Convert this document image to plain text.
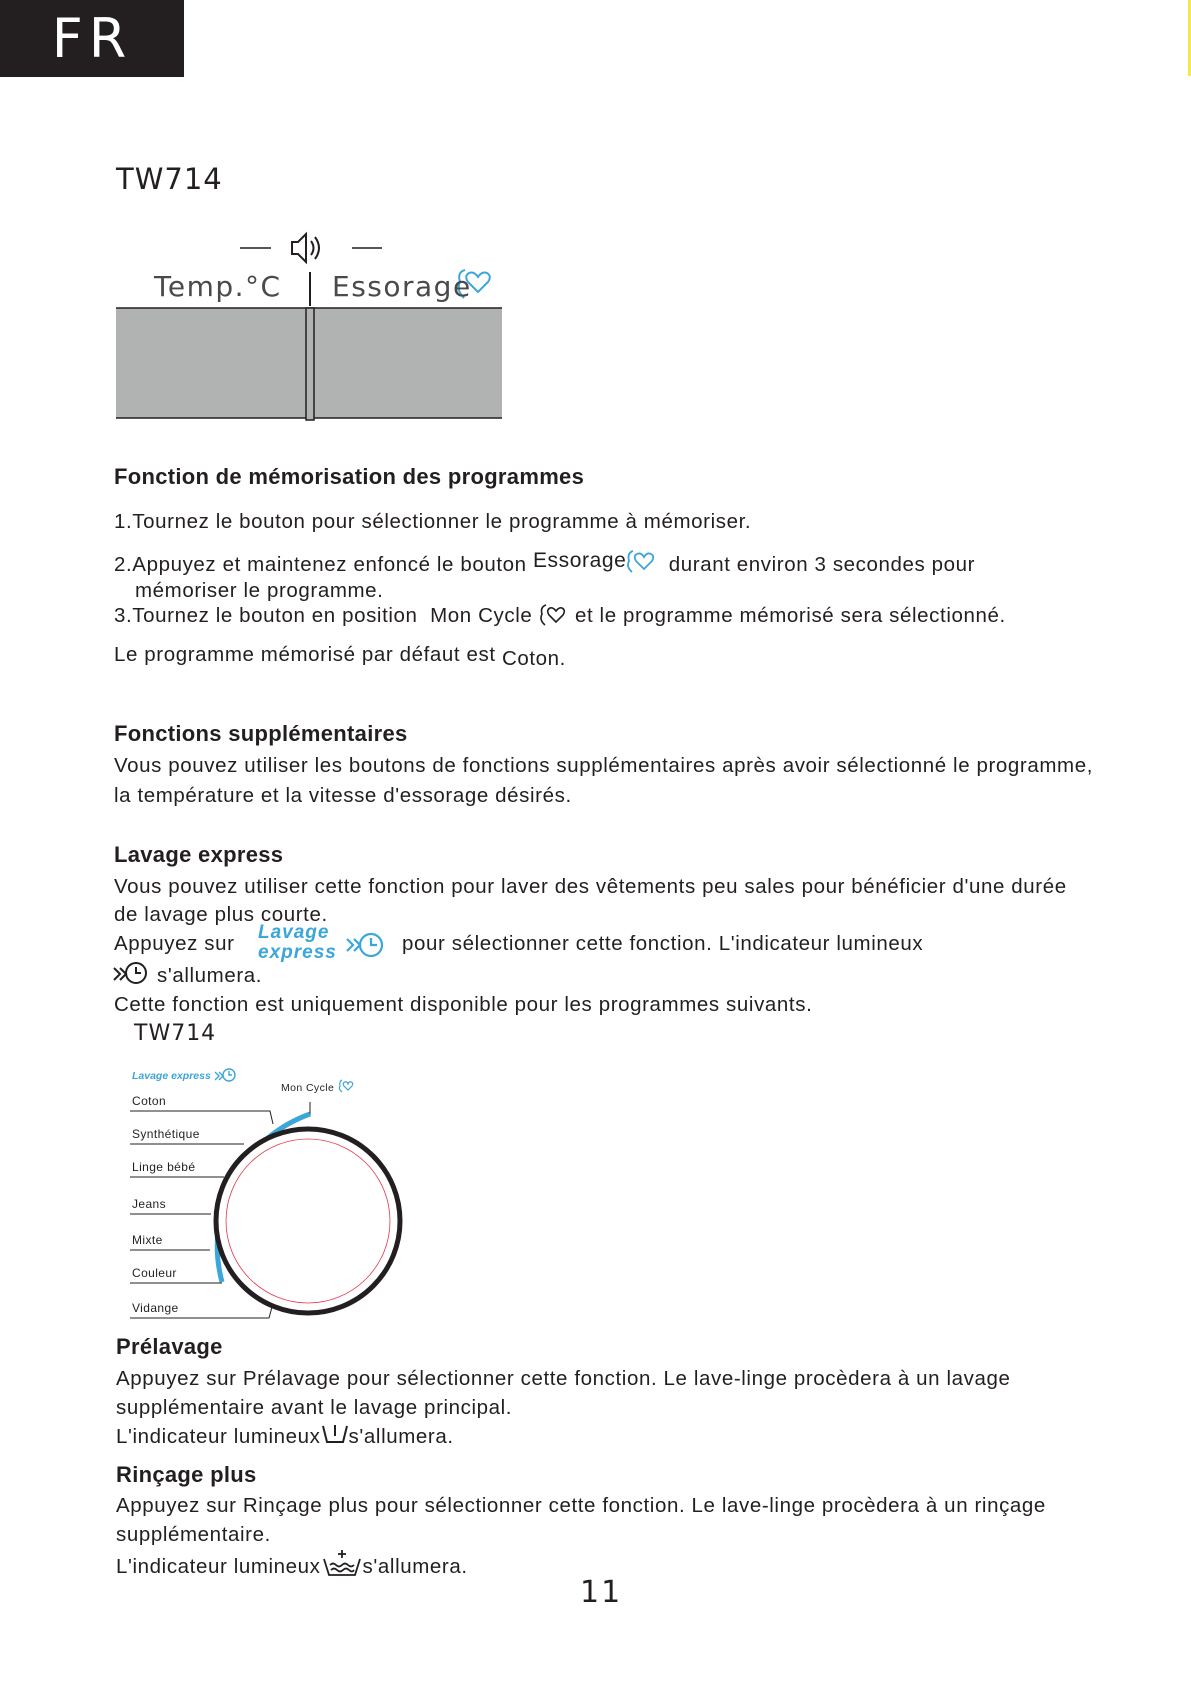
FR
TW714
Temp.°C Essorage
Fonction de mémorisation des programmes
1.Tournez le bouton pour sélectionner le programme à mémoriser.
2.Appuyez et maintenez enfoncé le bouton Essorage durant environ 3 secondes pour
mémoriser le programme.
3.Tournez le bouton en position Mon Cycle et le programme mémorisé sera sélectionné.
Le programme mémorisé par défaut est Coton.
Fonctions supplémentaires
Vous pouvez utiliser les boutons de fonctions supplémentaires après avoir sélectionné le programme,
la température et la vitesse d'essorage désirés.
Lavage express
Vous pouvez utiliser cette fonction pour laver des vêtements peu sales pour bénéficier d'une durée
de lavage plus courte.
Appuyez sur Lavage
express	pour sélectionner cette fonction. L'indicateur lumineux
s'allumera.
Cette fonction est uniquement disponible pour les programmes suivants.
TW714
Lavage express
Mon Cycle
Coton
Synthétique
Linge bébé
Jeans
Mixte
Couleur
Vidange
Prélavage
Appuyez sur Prélavage pour sélectionner cette fonction. Le lave-linge procèdera à un lavage
supplémentaire avant le lavage principal.
L'indicateur lumineux s'allumera.
Rinçage plus
Appuyez sur Rinçage plus pour sélectionner cette fonction. Le lave-linge procèdera à un rinçage
supplémentaire.
L'indicateur lumineux s'allumera.
11
